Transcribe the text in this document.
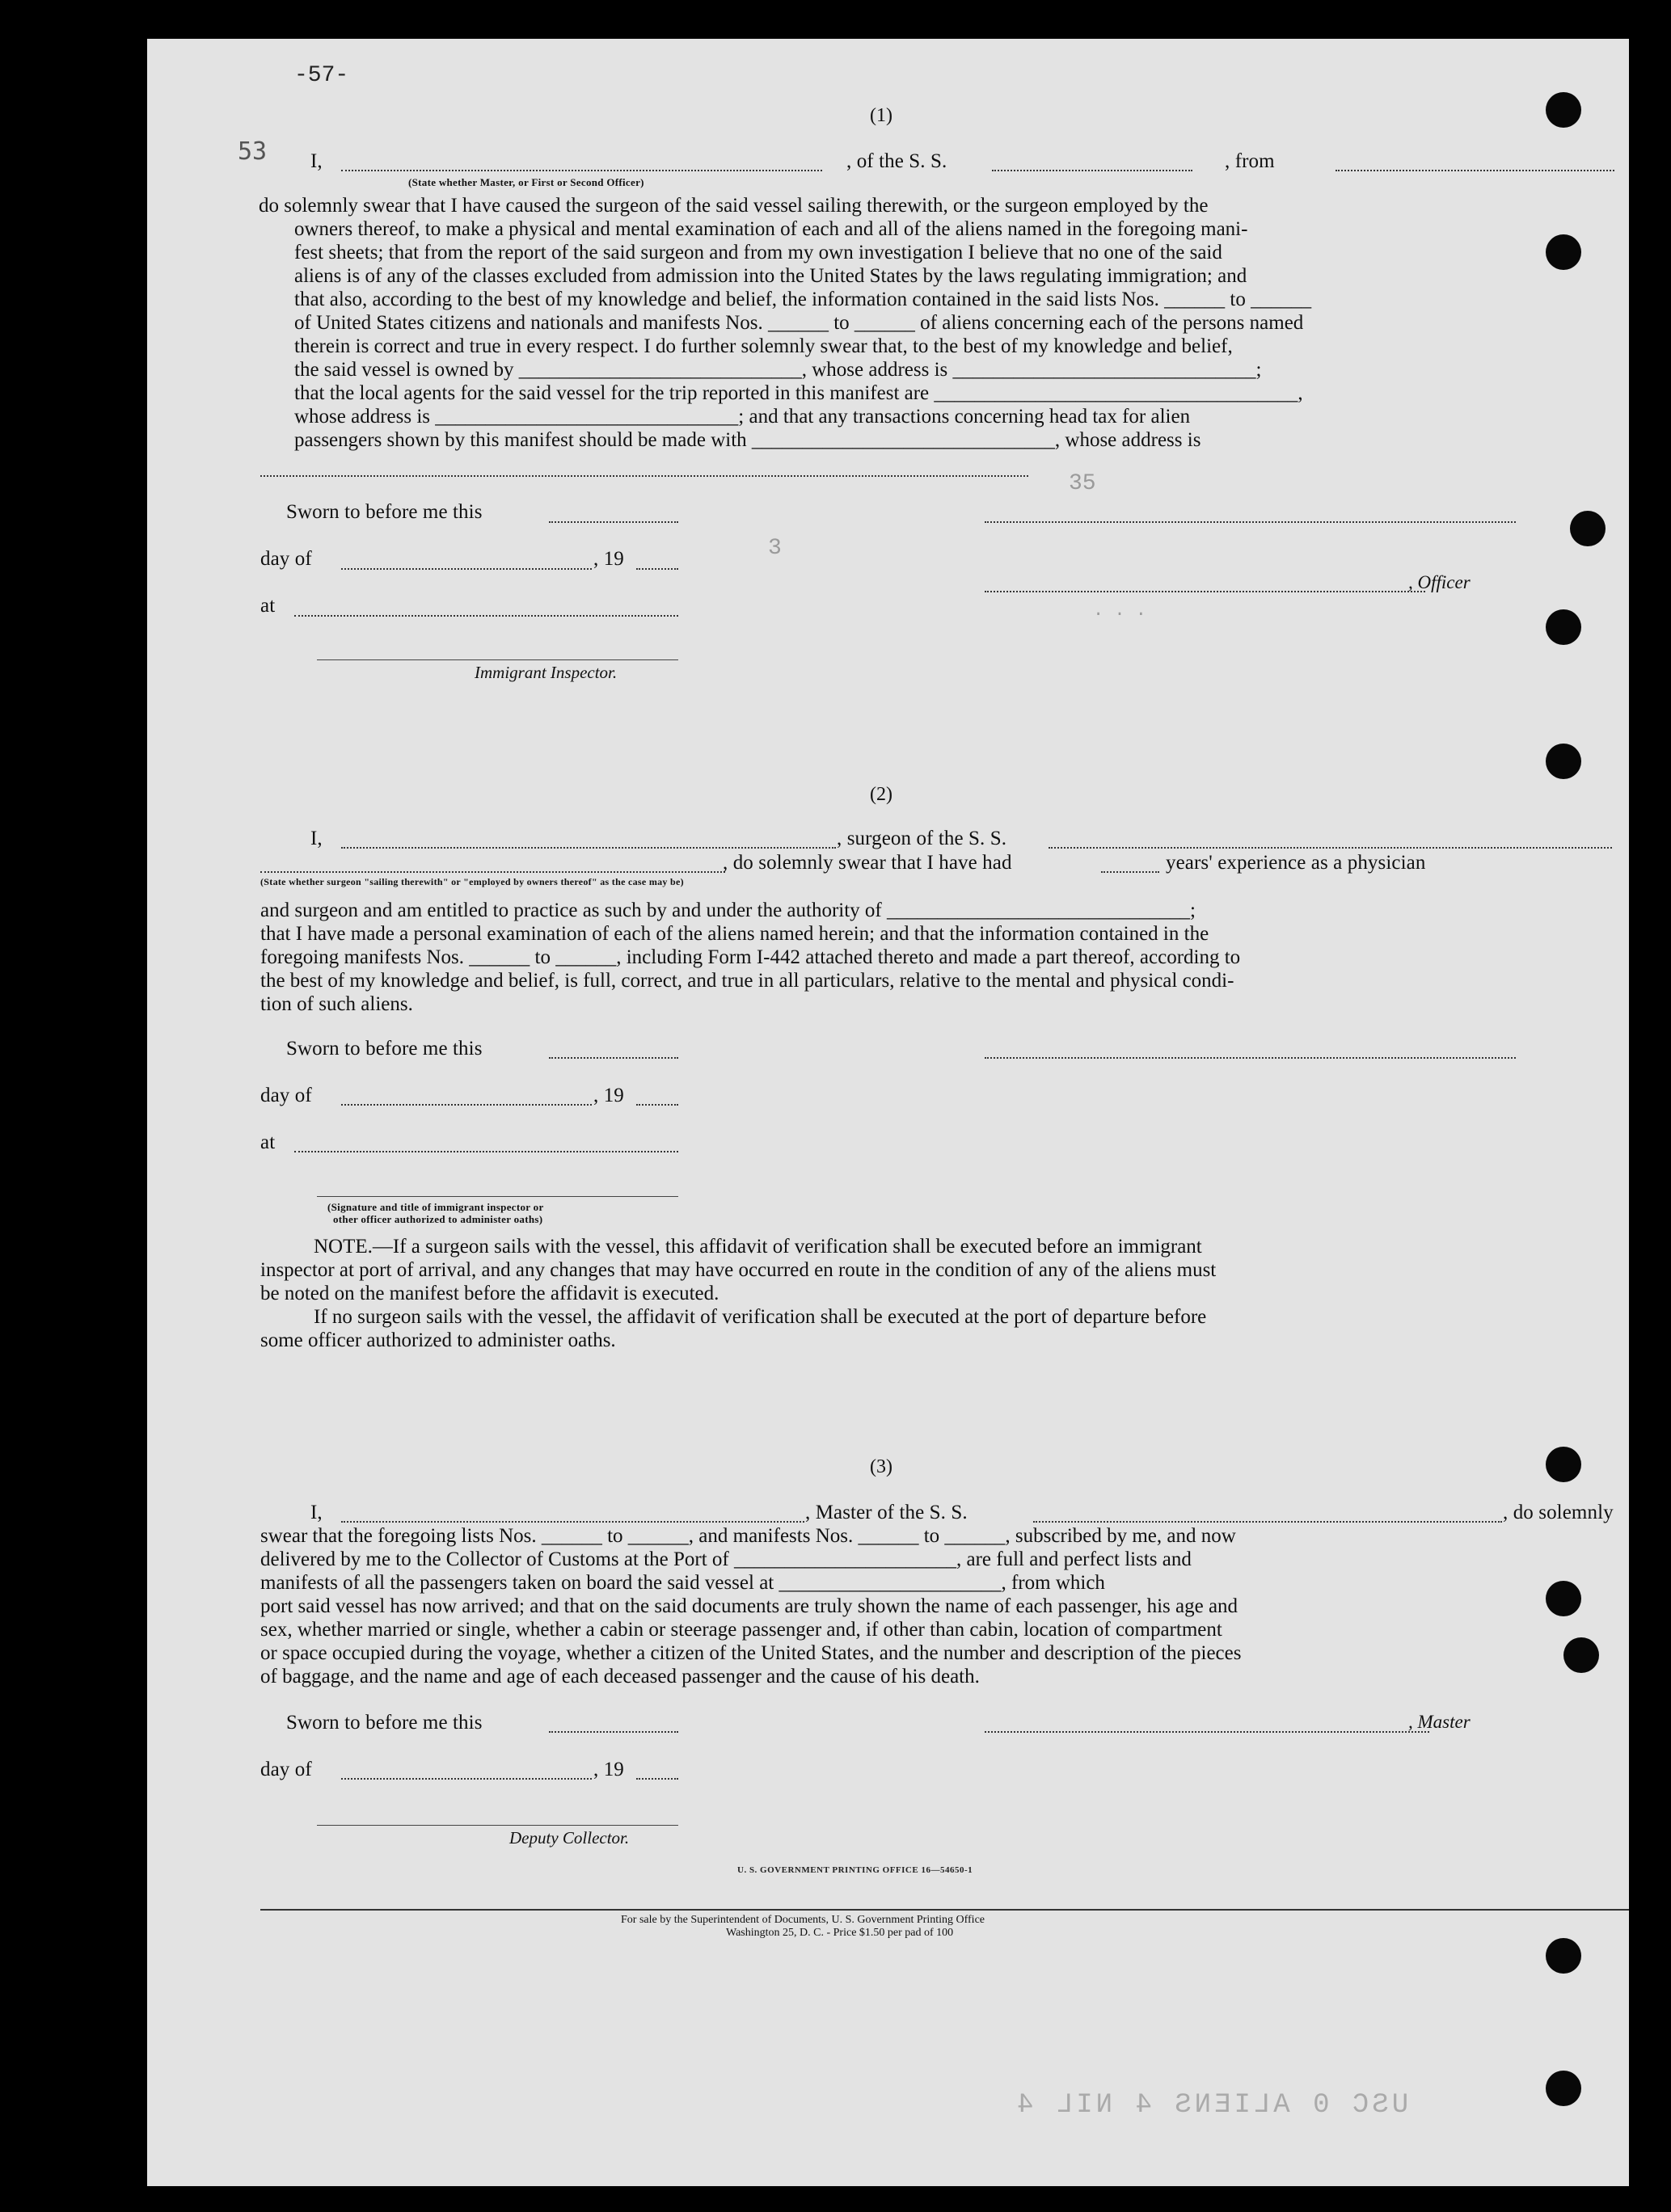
-57-
53
(1)
I,	, of the S. S.	, from
(State whether Master, or First or Second Officer)
do solemnly swear that I have caused the surgeon of the said vessel sailing therewith, or the surgeon employed by the
owners thereof, to make a physical and mental examination of each and all of the aliens named in the foregoing mani-
fest sheets; that from the report of the said surgeon and from my own investigation I believe that no one of the said
aliens is of any of the classes excluded from admission into the United States by the laws regulating immigration; and
that also, according to the best of my knowledge and belief, the information contained in the said lists Nos. ______ to ______
of United States citizens and nationals and manifests Nos. ______ to ______ of aliens concerning each of the persons named
therein is correct and true in every respect. I do further solemnly swear that, to the best of my knowledge and belief,
the said vessel is owned by ____________________________, whose address is ______________________________;
that the local agents for the said vessel for the trip reported in this manifest are ____________________________________,
whose address is ______________________________; and that any transactions concerning head tax for alien
passengers shown by this manifest should be made with ______________________________, whose address is
Sworn to before me this
day of	, 19
at
, Officer
Immigrant Inspector.
3
35
. . .
(2)
I,	, surgeon of the S. S.
, do solemnly swear that I have had	years' experience as a physician
(State whether surgeon "sailing therewith" or "employed by owners thereof" as the case may be)
and surgeon and am entitled to practice as such by and under the authority of ______________________________;
that I have made a personal examination of each of the aliens named herein; and that the information contained in the
foregoing manifests Nos. ______ to ______, including Form I-442 attached thereto and made a part thereof, according to
the best of my knowledge and belief, is full, correct, and true in all particulars, relative to the mental and physical condi-
tion of such aliens.
Sworn to before me this
day of	, 19
at
(Signature and title of immigrant inspector or
other officer authorized to administer oaths)
NOTE.—If a surgeon sails with the vessel, this affidavit of verification shall be executed before an immigrant
inspector at port of arrival, and any changes that may have occurred en route in the condition of any of the aliens must
be noted on the manifest before the affidavit is executed.
If no surgeon sails with the vessel, the affidavit of verification shall be executed at the port of departure before
some officer authorized to administer oaths.
(3)
I,	, Master of the S. S.	, do solemnly
swear that the foregoing lists Nos. ______ to ______, and manifests Nos. ______ to ______, subscribed by me, and now
delivered by me to the Collector of Customs at the Port of ______________________, are full and perfect lists and
manifests of all the passengers taken on board the said vessel at ______________________, from which
port said vessel has now arrived; and that on the said documents are truly shown the name of each passenger, his age and
sex, whether married or single, whether a cabin or steerage passenger and, if other than cabin, location of compartment
or space occupied during the voyage, whether a citizen of the United States, and the number and description of the pieces
of baggage, and the name and age of each deceased passenger and the cause of his death.
Sworn to before me this	, Master
day of	, 19
Deputy Collector.
U. S. GOVERNMENT PRINTING OFFICE 16—54650-1
For sale by the Superintendent of Documents, U. S. Government Printing Office
Washington 25, D. C. - Price $1.50 per pad of 100
USC 0 ALIENS 4 NIL 4
